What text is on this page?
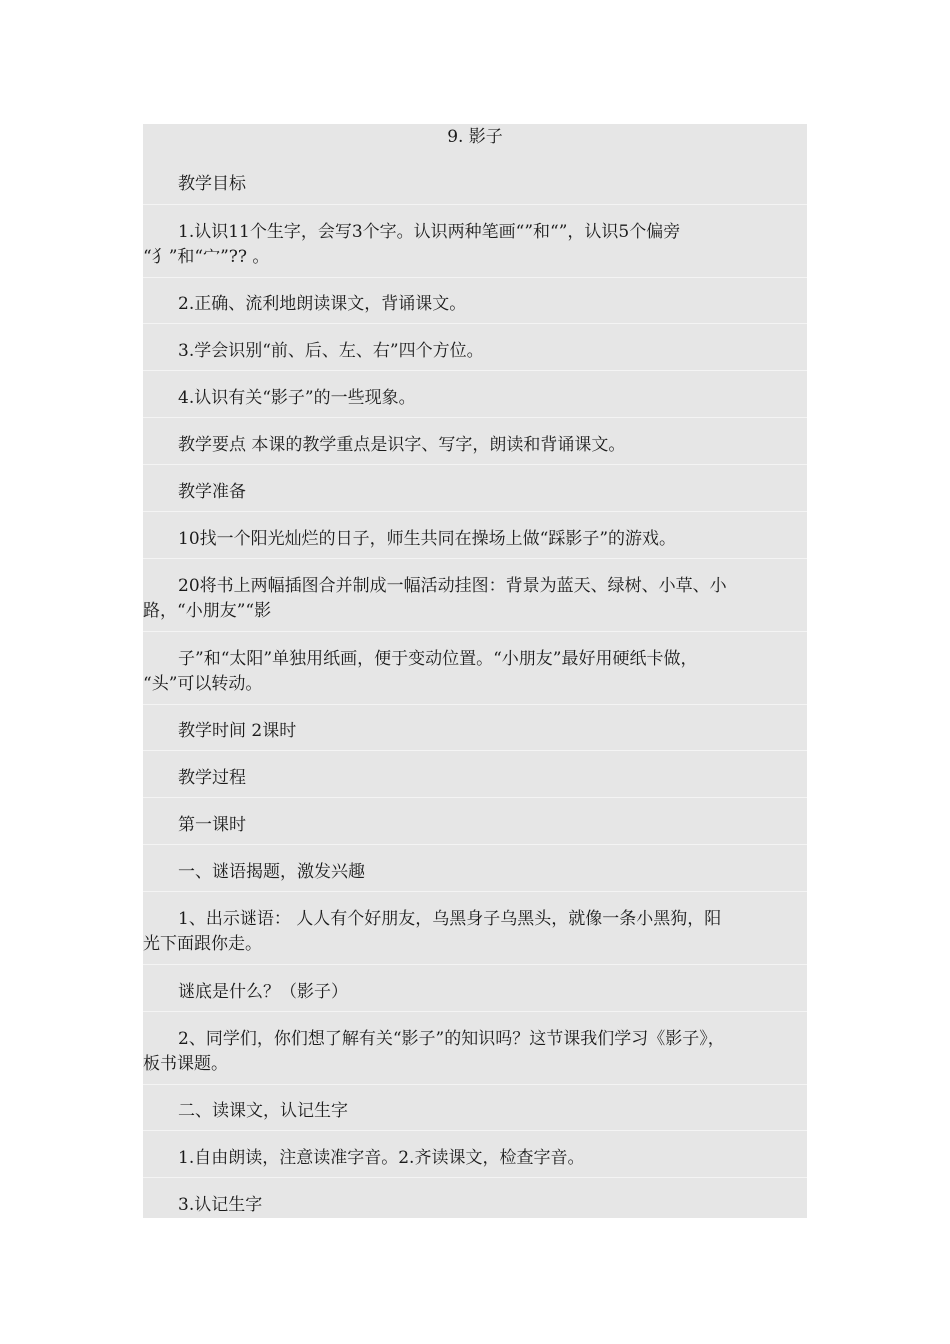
9. 影子
教学目标
1.认识11个生字，会写3个字。认识两种笔画“”和“”，认识5个偏旁
“犭”和“宀”?? 。
2.正确、流利地朗读课文，背诵课文。
3.学会识别“前、后、左、右”四个方位。
4.认识有关“影子”的一些现象。
教学要点 本课的教学重点是识字、写字，朗读和背诵课文。
教学准备
10找一个阳光灿烂的日子，师生共同在操场上做“踩影子”的游戏。
20将书上两幅插图合并制成一幅活动挂图：背景为蓝天、绿树、小草、小
路，“小朋友”“影
子”和“太阳”单独用纸画，便于变动位置。“小朋友”最好用硬纸卡做，
“头”可以转动。
教学时间 2课时
教学过程
第一课时
一、谜语揭题，激发兴趣
1、出示谜语： 人人有个好朋友，乌黑身子乌黑头，就像一条小黑狗，阳
光下面跟你走。
谜底是什么？（影子）
2、同学们，你们想了解有关“影子”的知识吗？这节课我们学习《影子》，
板书课题。
二、读课文，认记生字
1.自由朗读，注意读准字音。2.齐读课文，检查字音。
3.认记生字
